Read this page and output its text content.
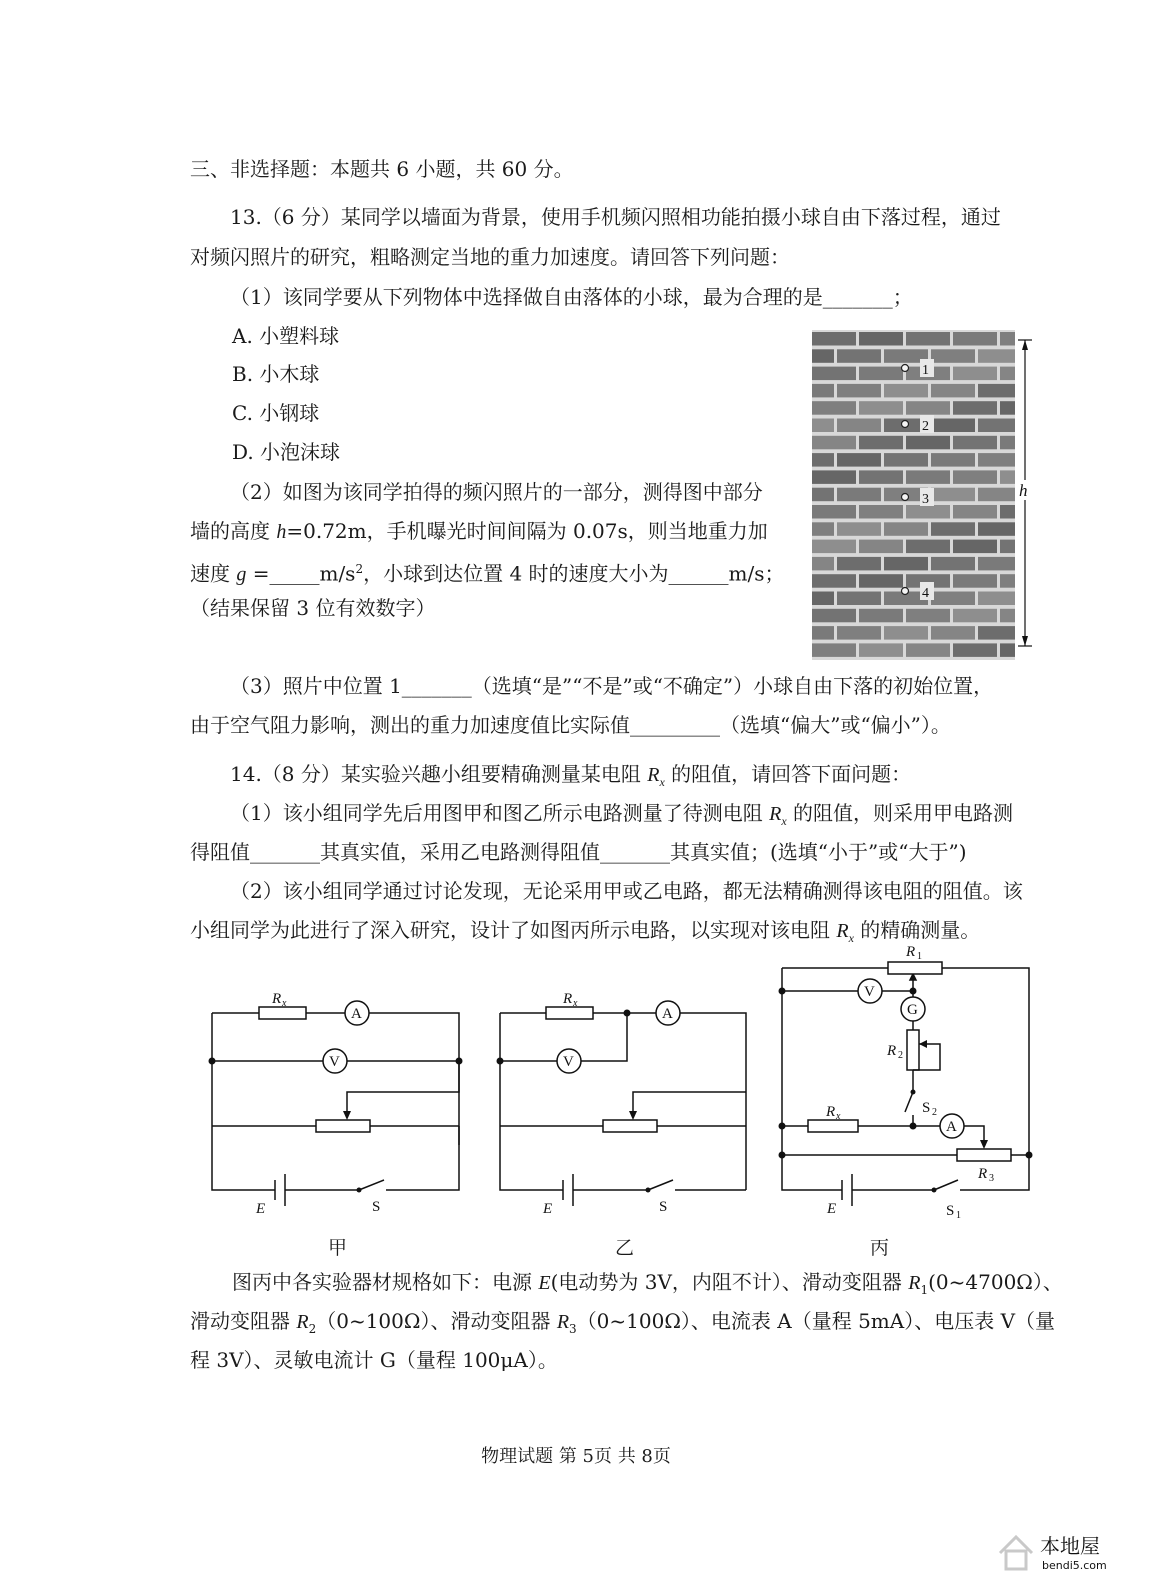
三、非选择题：本题共 6 小题，共 60 分。
13.（6 分）某同学以墙面为背景，使用手机频闪照相功能拍摄小球自由下落过程，通过
对频闪照片的研究，粗略测定当地的重力加速度。请回答下列问题：
（1）该同学要从下列物体中选择做自由落体的小球，最为合理的是_______；
A. 小塑料球
B. 小木球
C. 小钢球
D. 小泡沫球
（2）如图为该同学拍得的频闪照片的一部分，测得图中部分
墙的高度 h=0.72m，手机曝光时间间隔为 0.07s，则当地重力加
速度 $g =\_\_\_\_\_m/s^2$，小球到达位置 4 时的速度大小为______m/s；
（结果保留 3 位有效数字）
1
2
3
4
h
（3）照片中位置 1_______（选填“是”“不是”或“不确定”）小球自由下落的初始位置，
由于空气阻力影响，测出的重力加速度值比实际值_________（选填“偏大”或“偏小”）。
14.（8 分）某实验兴趣小组要精确测量某电阻 $R_x$ 的阻值，请回答下面问题：
（1）该小组同学先后用图甲和图乙所示电路测量了待测电阻 $R_x$ 的阻值，则采用甲电路测
得阻值_______其真实值，采用乙电路测得阻值_______其真实值；(选填“小于”或“大于”)
（2）该小组同学通过讨论发现，无论采用甲或乙电路，都无法精确测得该电阻的阻值。该
小组同学为此进行了深入研究，设计了如图丙所示电路，以实现对该电阻 $R_x$ 的精确测量。
R x
A
V
E	S
R x
A
V
E	S
R 1
V
G
R 2
S 2
R x
A
R 3
E	S 1
甲	乙	丙
图丙中各实验器材规格如下：电源 E(电动势为 3V，内阻不计）、滑动变阻器 $R_1(0\sim 4700\Omega)$、
滑动变阻器 $R_2(0\sim 100\Omega)$、滑动变阻器 $R_3(0\sim 100\Omega)$、电流表 A（量程 5mA）、电压表 V（量
程 3V）、灵敏电流计 G（量程 100μA）。
物理试题 第 5页 共 8页
本地屋
bendi5.com
